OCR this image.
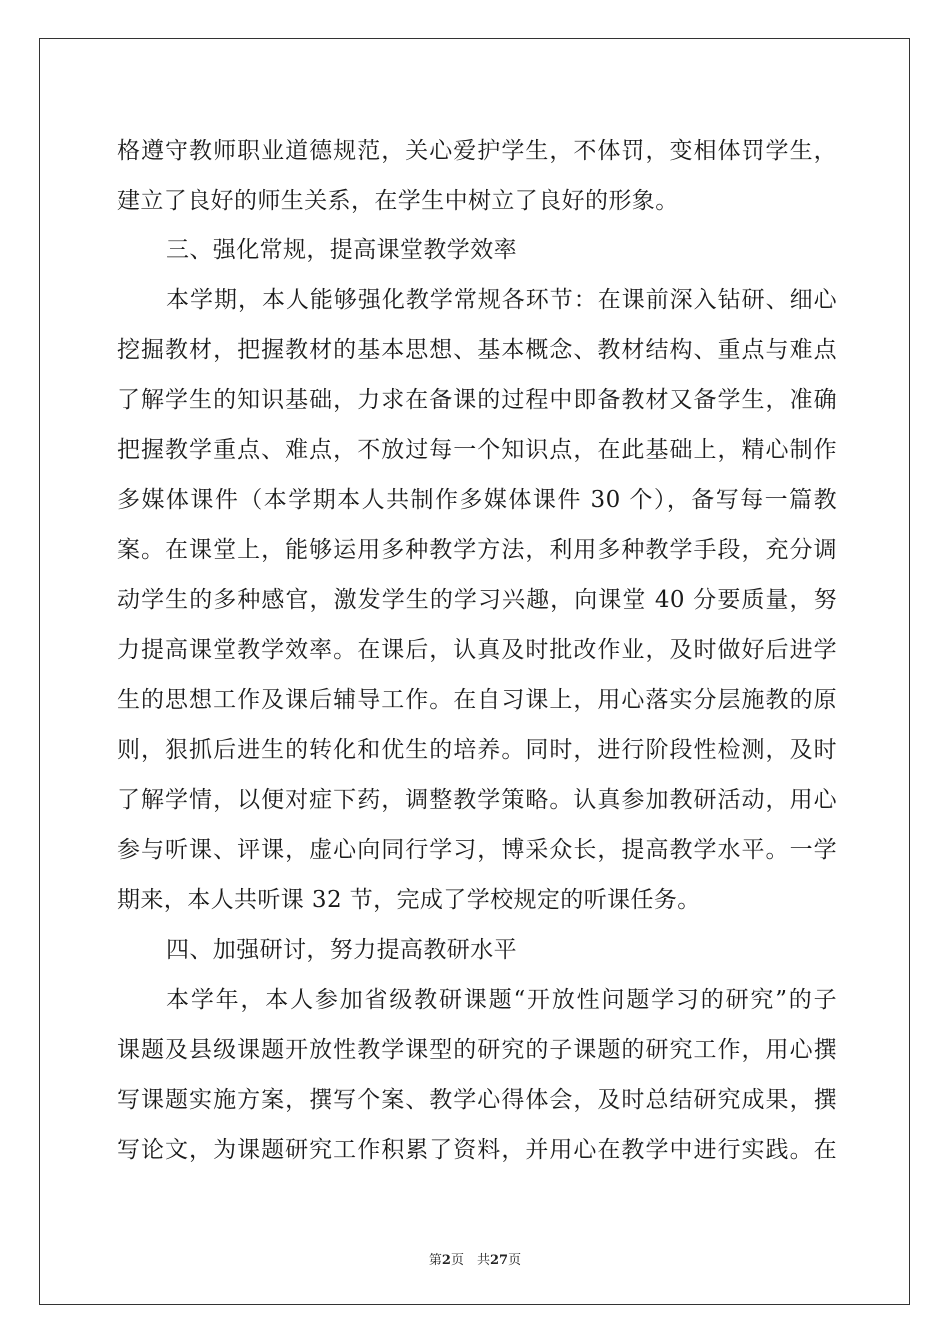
格遵守教师职业道德规范，关心爱护学生，不体罚，变相体罚学生，
建立了良好的师生关系，在学生中树立了良好的形象。
三、强化常规，提高课堂教学效率
本学期，本人能够强化教学常规各环节：在课前深入钻研、细心
挖掘教材，把握教材的基本思想、基本概念、教材结构、重点与难点
了解学生的知识基础，力求在备课的过程中即备教材又备学生，准确
把握教学重点、难点，不放过每一个知识点，在此基础上，精心制作
多媒体课件（本学期本人共制作多媒体课件 30 个），备写每一篇教
案。在课堂上，能够运用多种教学方法，利用多种教学手段，充分调
动学生的多种感官，激发学生的学习兴趣，向课堂 40 分要质量，努
力提高课堂教学效率。在课后，认真及时批改作业，及时做好后进学
生的思想工作及课后辅导工作。在自习课上，用心落实分层施教的原
则，狠抓后进生的转化和优生的培养。同时，进行阶段性检测，及时
了解学情，以便对症下药，调整教学策略。认真参加教研活动，用心
参与听课、评课，虚心向同行学习，博采众长，提高教学水平。一学
期来，本人共听课 32 节，完成了学校规定的听课任务。
四、加强研讨，努力提高教研水平
本学年，本人参加省级教研课题“开放性问题学习的研究”的子
课题及县级课题开放性教学课型的研究的子课题的研究工作，用心撰
写课题实施方案，撰写个案、教学心得体会，及时总结研究成果，撰
写论文，为课题研究工作积累了资料，并用心在教学中进行实践。在
第2页　共27页
